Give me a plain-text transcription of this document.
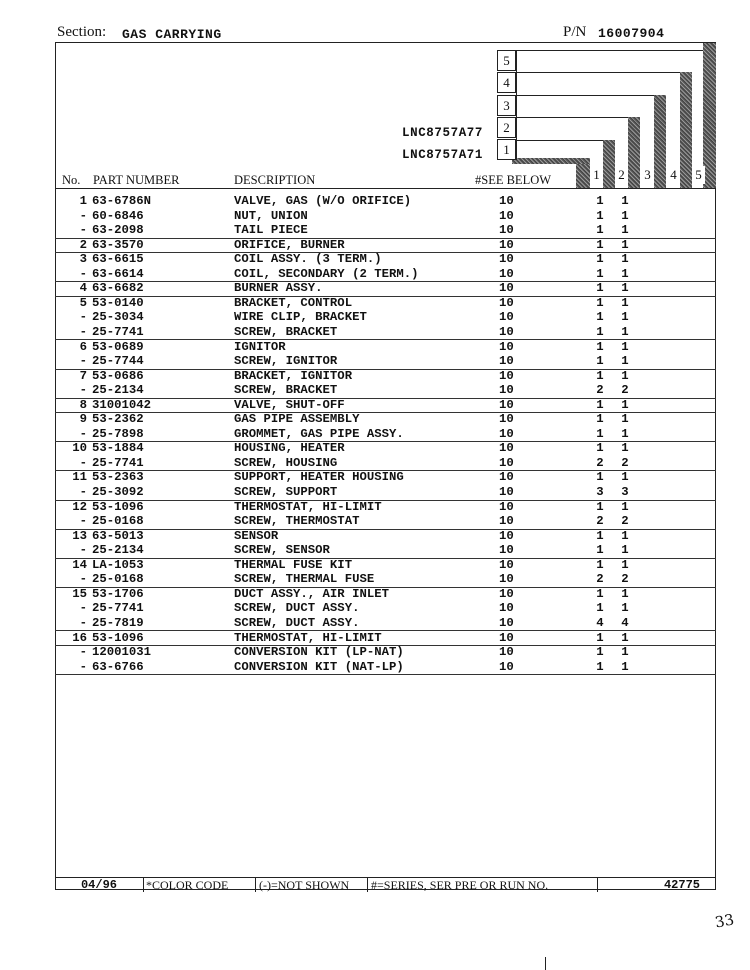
Section: GAS CARRYING	P/N 16007904
5
4
3
2
1
1 2 3 4 5
LNC8757A77
LNC8757A71
No. PART NUMBER	DESCRIPTION	#SEE BELOW
1 63-6786N	VALVE, GAS (W/O ORIFICE)	10	1 1
- 60-6846	NUT, UNION	10	1 1
- 63-2098	TAIL PIECE	10	1 1
2 63-3570	ORIFICE, BURNER	10	1 1
3 63-6615	COIL ASSY. (3 TERM.)	10	1 1
- 63-6614	COIL, SECONDARY (2 TERM.)	10	1 1
4 63-6682	BURNER ASSY.	10	1 1
5 53-0140	BRACKET, CONTROL	10	1 1
- 25-3034	WIRE CLIP, BRACKET	10	1 1
- 25-7741	SCREW, BRACKET	10	1 1
6 53-0689	IGNITOR	10	1 1
- 25-7744	SCREW, IGNITOR	10	1 1
7 53-0686	BRACKET, IGNITOR	10	1 1
- 25-2134	SCREW, BRACKET	10	2 2
8 31001042	VALVE, SHUT-OFF	10	1 1
9 53-2362	GAS PIPE ASSEMBLY	10	1 1
- 25-7898	GROMMET, GAS PIPE ASSY.	10	1 1
10 53-1884	HOUSING, HEATER	10	1 1
- 25-7741	SCREW, HOUSING	10	2 2
11 53-2363	SUPPORT, HEATER HOUSING	10	1 1
- 25-3092	SCREW, SUPPORT	10	3 3
12 53-1096	THERMOSTAT, HI-LIMIT	10	1 1
- 25-0168	SCREW, THERMOSTAT	10	2 2
13 63-5013	SENSOR	10	1 1
- 25-2134	SCREW, SENSOR	10	1 1
14 LA-1053	THERMAL FUSE KIT	10	1 1
- 25-0168	SCREW, THERMAL FUSE	10	2 2
15 53-1706	DUCT ASSY., AIR INLET	10	1 1
- 25-7741	SCREW, DUCT ASSY.	10	1 1
- 25-7819	SCREW, DUCT ASSY.	10	4 4
16 53-1096	THERMOSTAT, HI-LIMIT	10	1 1
- 12001031	CONVERSION KIT (LP-NAT)	10	1 1
- 63-6766	CONVERSION KIT (NAT-LP)	10	1 1
04/96	*COLOR CODE	(-)=NOT SHOWN	#=SERIES, SER PRE OR RUN NO.	42775
33
